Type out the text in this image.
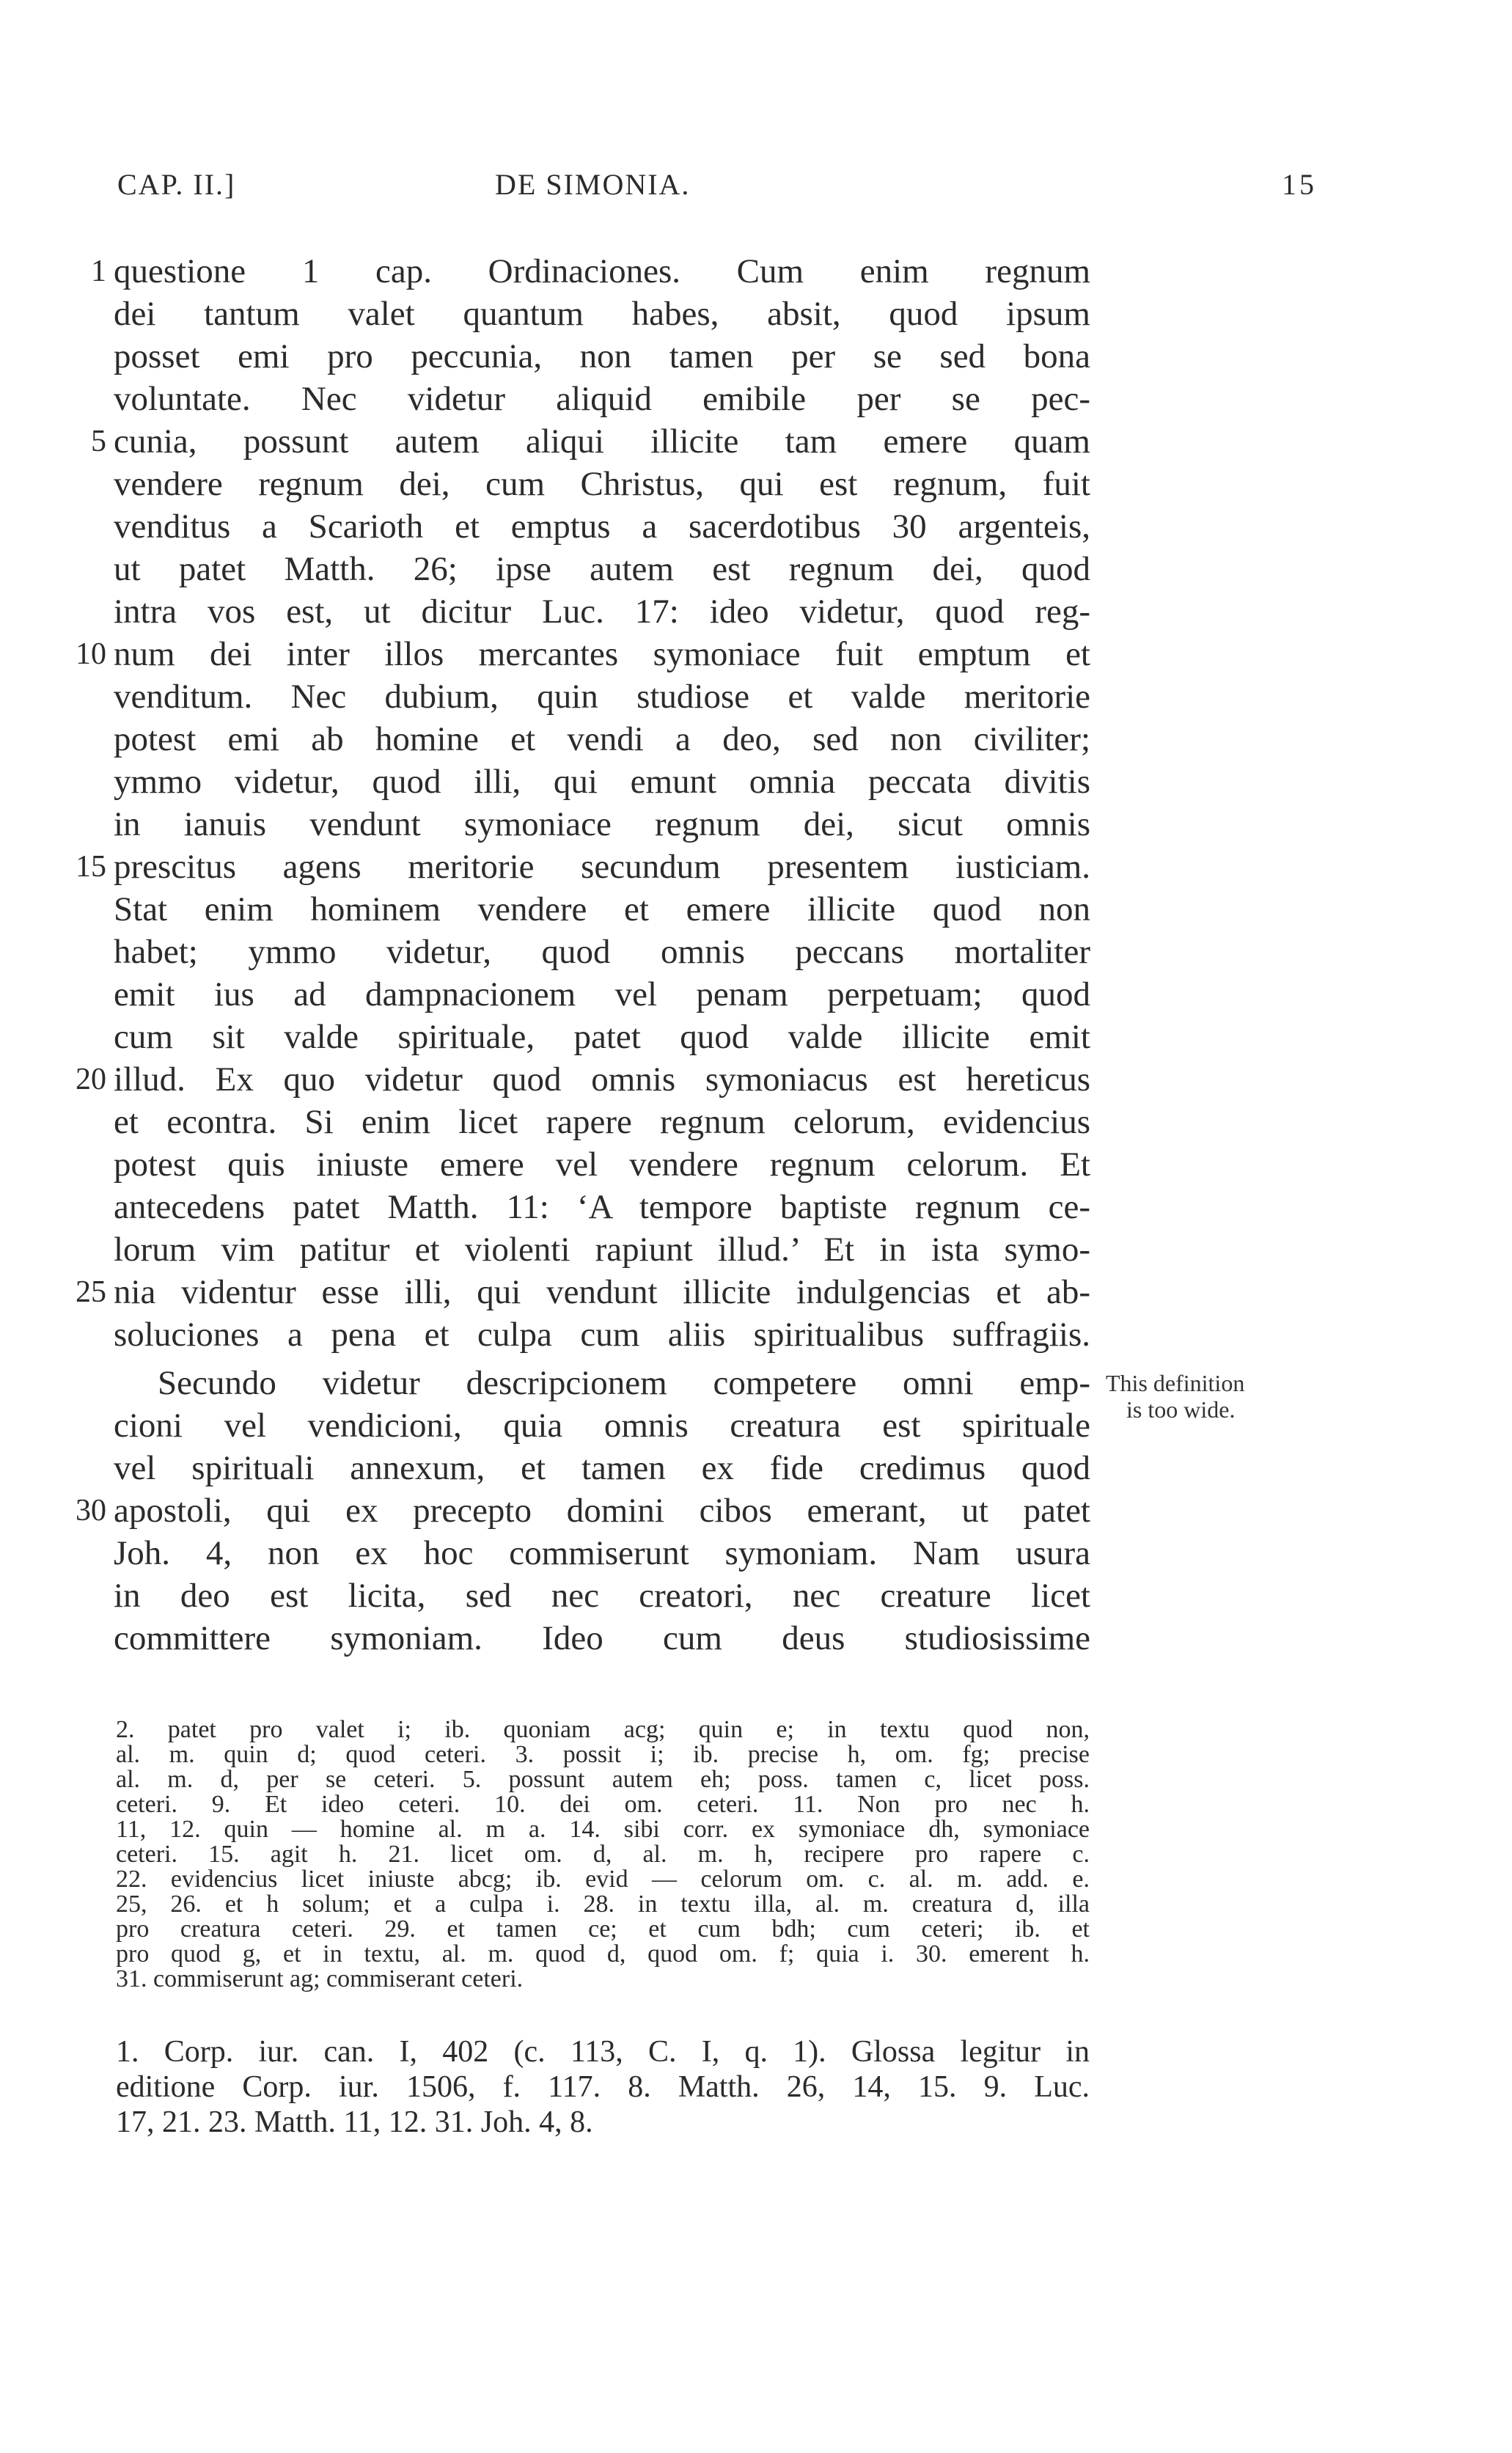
CAP. II.]	DE SIMONIA.	15
questione 1 cap. Ordinaciones. Cum enim regnum
dei tantum valet quantum habes, absit, quod ipsum
posset emi pro peccunia, non tamen per se sed bona
voluntate. Nec videtur aliquid emibile per se pec-
cunia, possunt autem aliqui illicite tam emere quam
vendere regnum dei, cum Christus, qui est regnum, fuit
venditus a Scarioth et emptus a sacerdotibus 30 argenteis,
ut patet Matth. 26; ipse autem est regnum dei, quod
intra vos est, ut dicitur Luc. 17: ideo videtur, quod reg-
num dei inter illos mercantes symoniace fuit emptum et
venditum. Nec dubium, quin studiose et valde meritorie
potest emi ab homine et vendi a deo, sed non civiliter;
ymmo videtur, quod illi, qui emunt omnia peccata divitis
in ianuis vendunt symoniace regnum dei, sicut omnis
prescitus agens meritorie secundum presentem iusticiam.
Stat enim hominem vendere et emere illicite quod non
habet; ymmo videtur, quod omnis peccans mortaliter
emit ius ad dampnacionem vel penam perpetuam; quod
cum sit valde spirituale, patet quod valde illicite emit
illud. Ex quo videtur quod omnis symoniacus est hereticus
et econtra. Si enim licet rapere regnum celorum, evidencius
potest quis iniuste emere vel vendere regnum celorum. Et
antecedens patet Matth. 11: ‘A tempore baptiste regnum ce-
lorum vim patitur et violenti rapiunt illud.’ Et in ista symo-
nia videntur esse illi, qui vendunt illicite indulgencias et ab-
soluciones a pena et culpa cum aliis spiritualibus suffragiis.
Secundo videtur descripcionem competere omni emp-
cioni vel vendicioni, quia omnis creatura est spirituale
vel spirituali annexum, et tamen ex fide credimus quod
apostoli, qui ex precepto domini cibos emerant, ut patet
Joh. 4, non ex hoc commiserunt symoniam. Nam usura
in deo est licita, sed nec creatori, nec creature licet
committere symoniam. Ideo cum deus studiosissime
1
5
10
15
20
25
30
This definition
is too wide.
2. patet pro valet i; ib. quoniam acg; quin e; in textu quod non,
al. m. quin d; quod ceteri. 3. possit i; ib. precise h, om. fg; precise
al. m. d, per se ceteri. 5. possunt autem eh; poss. tamen c, licet poss.
ceteri. 9. Et ideo ceteri. 10. dei om. ceteri. 11. Non pro nec h.
11, 12. quin — homine al. m a. 14. sibi corr. ex symoniace dh, symoniace
ceteri. 15. agit h. 21. licet om. d, al. m. h, recipere pro rapere c.
22. evidencius licet iniuste abcg; ib. evid — celorum om. c. al. m. add. e.
25, 26. et h solum; et a culpa i. 28. in textu illa, al. m. creatura d, illa
pro creatura ceteri. 29. et tamen ce; et cum bdh; cum ceteri; ib. et
pro quod g, et in textu, al. m. quod d, quod om. f; quia i. 30. emerent h.
31. commiserunt ag; commiserant ceteri.
1. Corp. iur. can. I, 402 (c. 113, C. I, q. 1). Glossa legitur in
editione Corp. iur. 1506, f. 117. 8. Matth. 26, 14, 15. 9. Luc.
17, 21. 23. Matth. 11, 12. 31. Joh. 4, 8.
